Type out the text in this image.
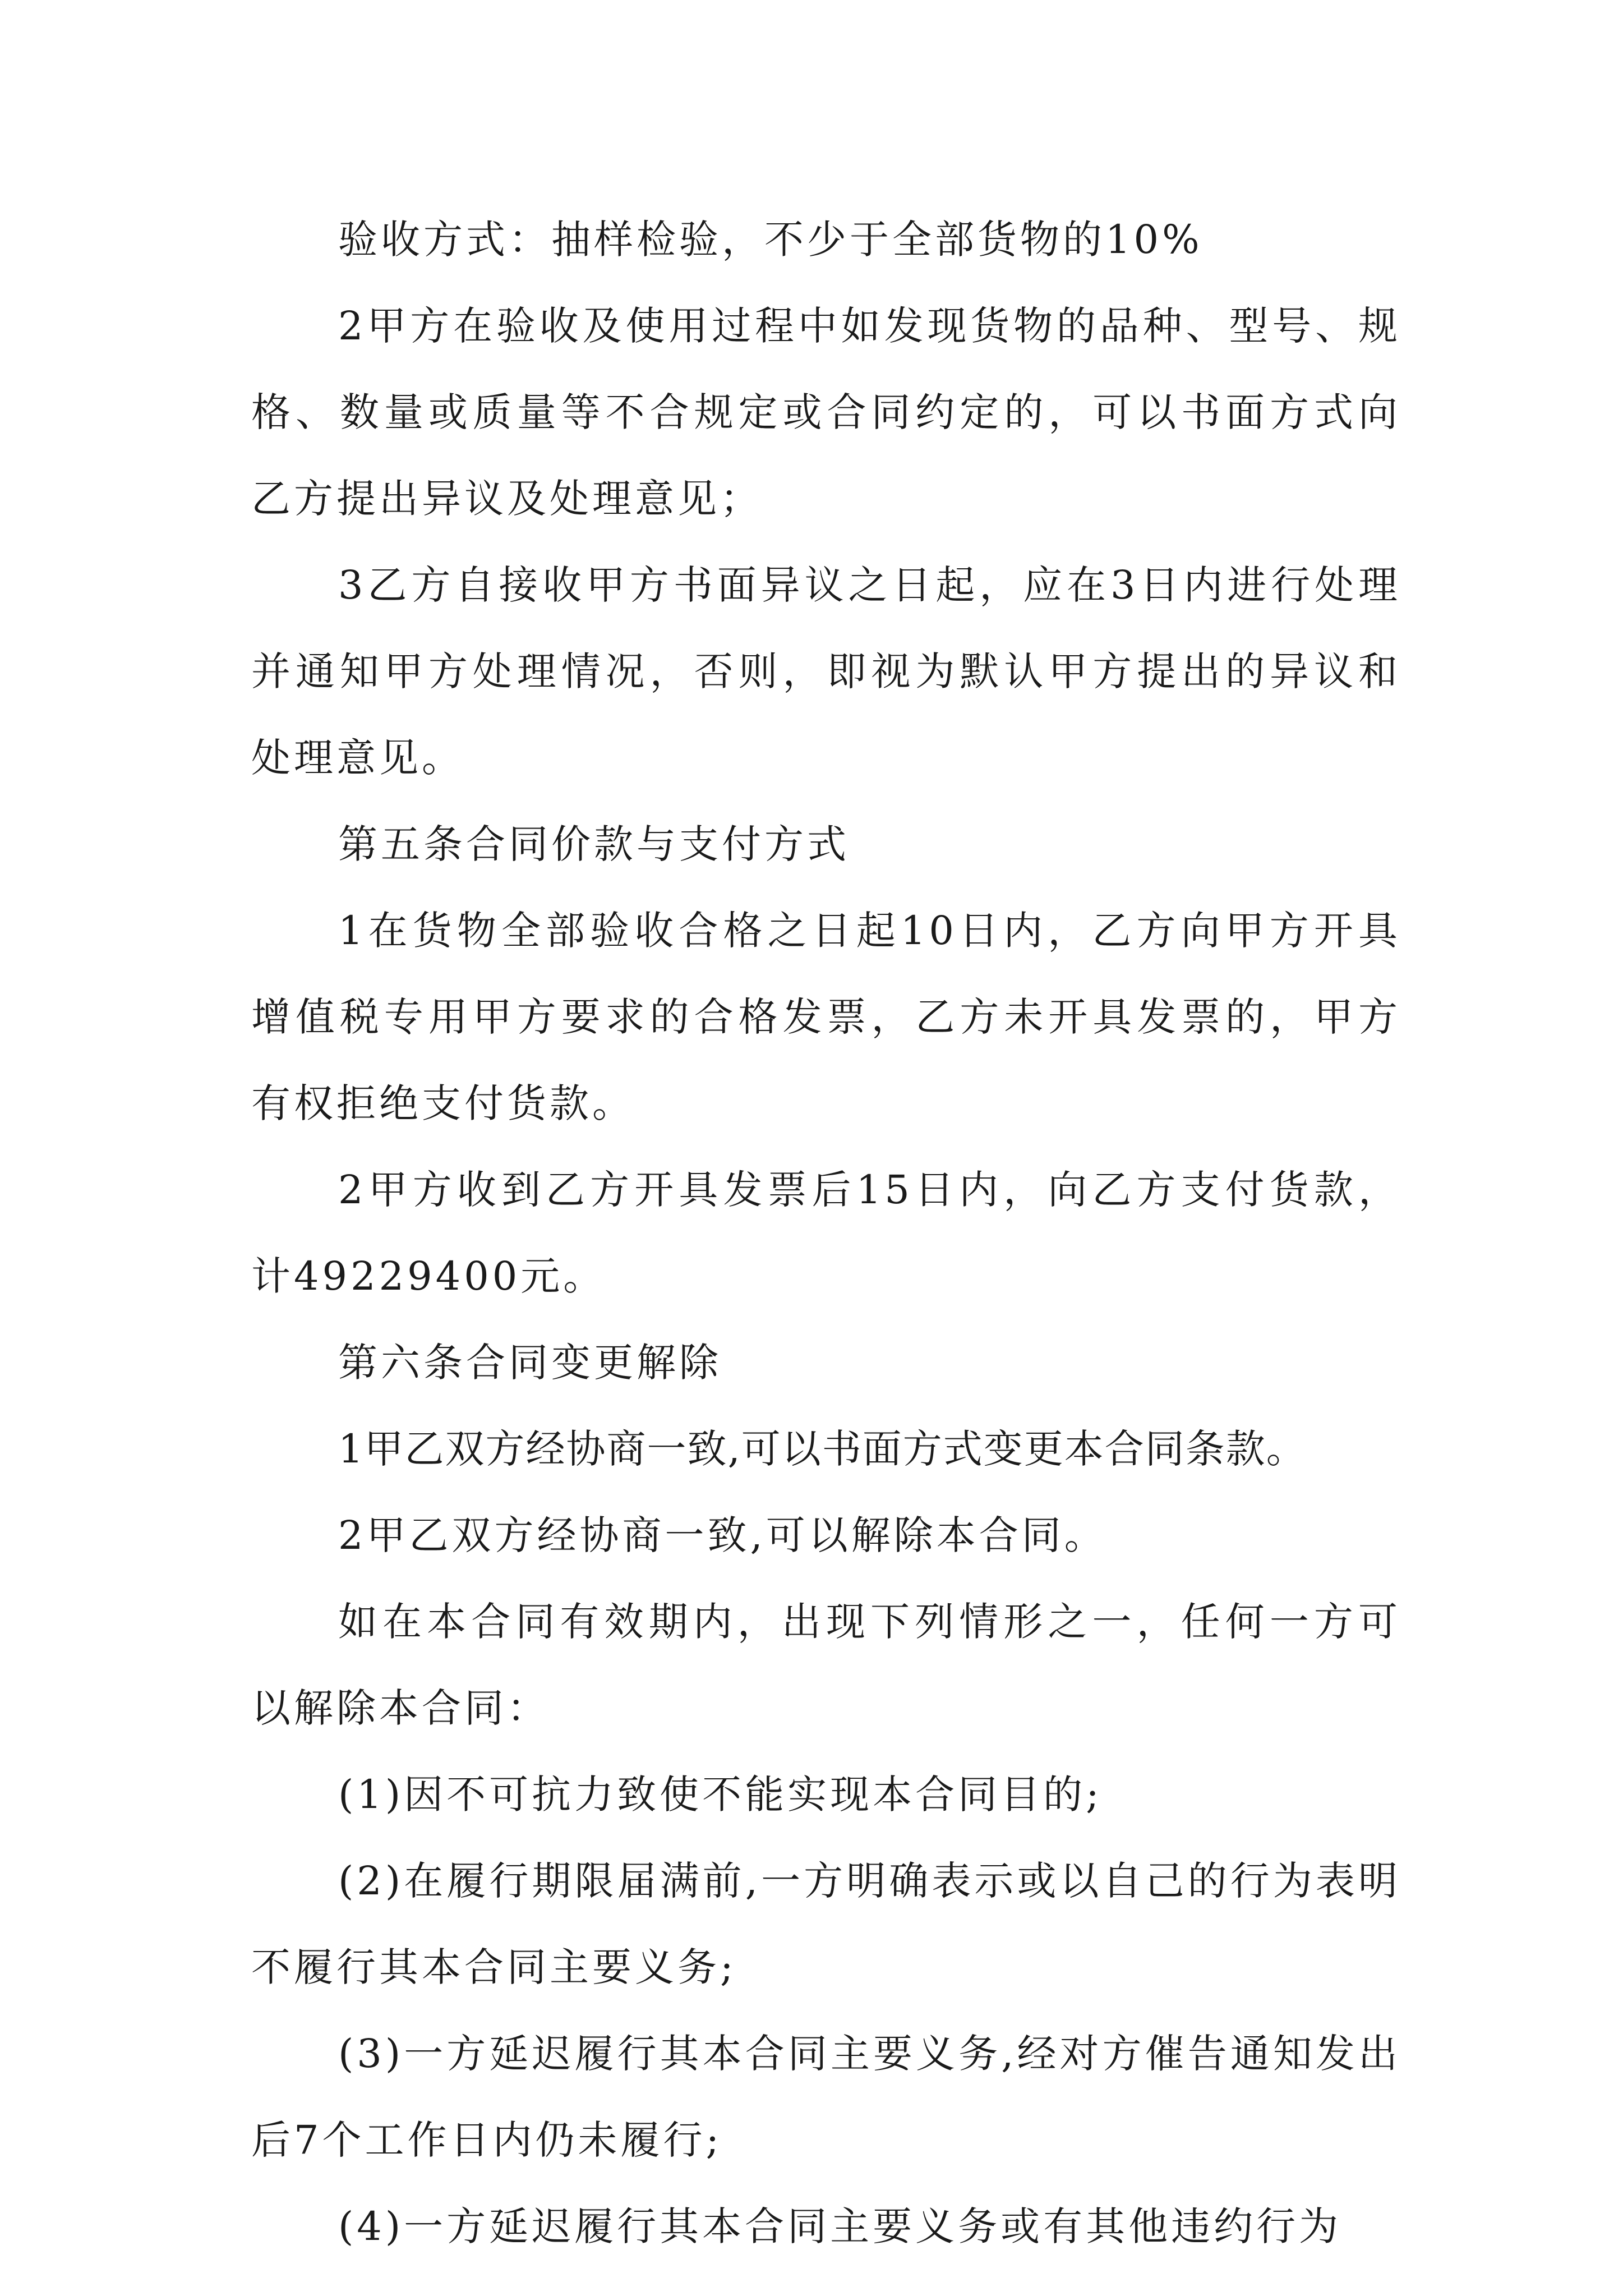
验收方式：抽样检验，不少于全部货物的10%

2甲方在验收及使用过程中如发现货物的品种、型号、规格、数量或质量等不合规定或合同约定的，可以书面方式向乙方提出异议及处理意见；

3乙方自接收甲方书面异议之日起，应在3日内进行处理并通知甲方处理情况，否则，即视为默认甲方提出的异议和处理意见。

第五条合同价款与支付方式

1在货物全部验收合格之日起10日内，乙方向甲方开具增值税专用甲方要求的合格发票，乙方未开具发票的，甲方有权拒绝支付货款。

2甲方收到乙方开具发票后15日内，向乙方支付货款，计49229400元。

第六条合同变更解除

1甲乙双方经协商一致,可以书面方式变更本合同条款。

2甲乙双方经协商一致,可以解除本合同。

如在本合同有效期内，出现下列情形之一，任何一方可以解除本合同：

(1)因不可抗力致使不能实现本合同目的;

(2)在履行期限届满前,一方明确表示或以自己的行为表明不履行其本合同主要义务;

(3)一方延迟履行其本合同主要义务,经对方催告通知发出后7个工作日内仍未履行;

(4)一方延迟履行其本合同主要义务或有其他违约行为
